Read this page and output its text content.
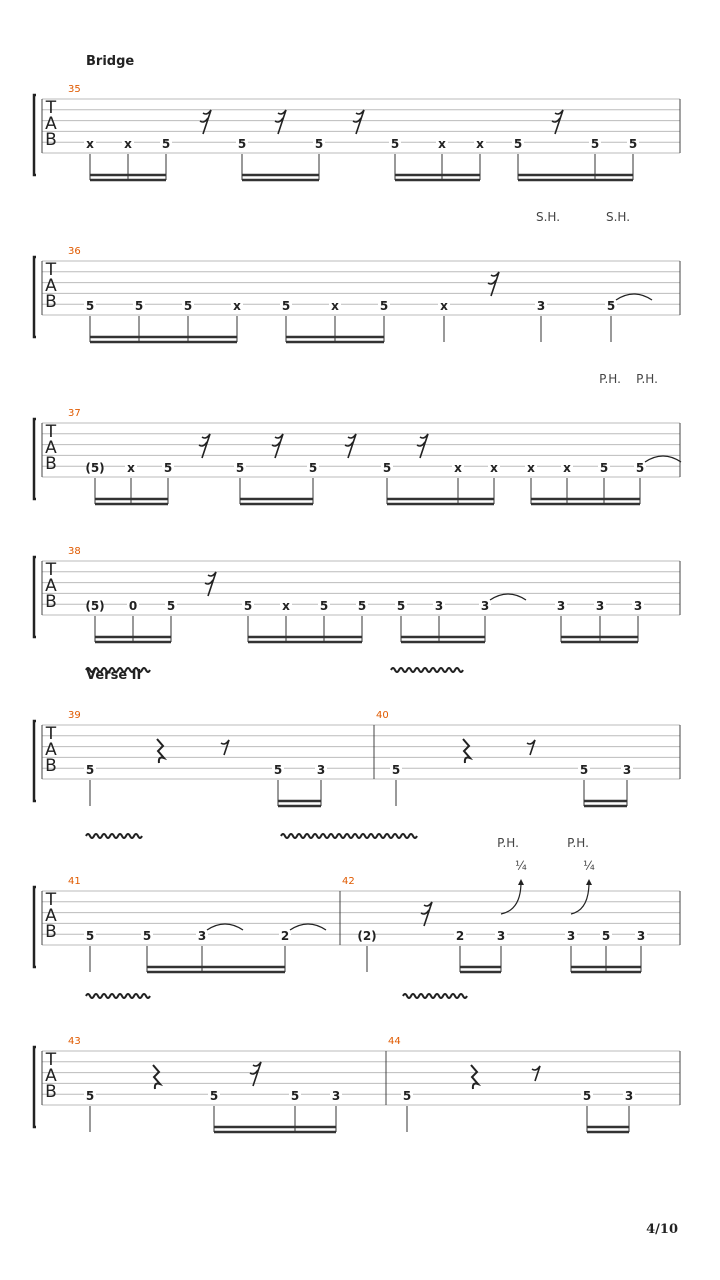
Bridge
Verse II
T
A
B
35
x	x 5	5	5	5	x	x 5	5 5
T
A
B
36
5	5	5	x	5	x	5	x	3	5
S.H.	S.H.
T
A
B
37
(5) x 5	5	5	5	x x x x 5 5
P.H. P.H.
T
A
B
38
(5) 0 5	5 x 5 5	5 3	3	3	3 3
T
A
B
39
5	5	3
40
5	5	3
T
A
B
41
5	5	3	2
42
(2)	2	3	3 5 3
P.H.	P.H.
¼	¼
T
A
B
43
5	5	5	3
44
5	5	3
4/10
